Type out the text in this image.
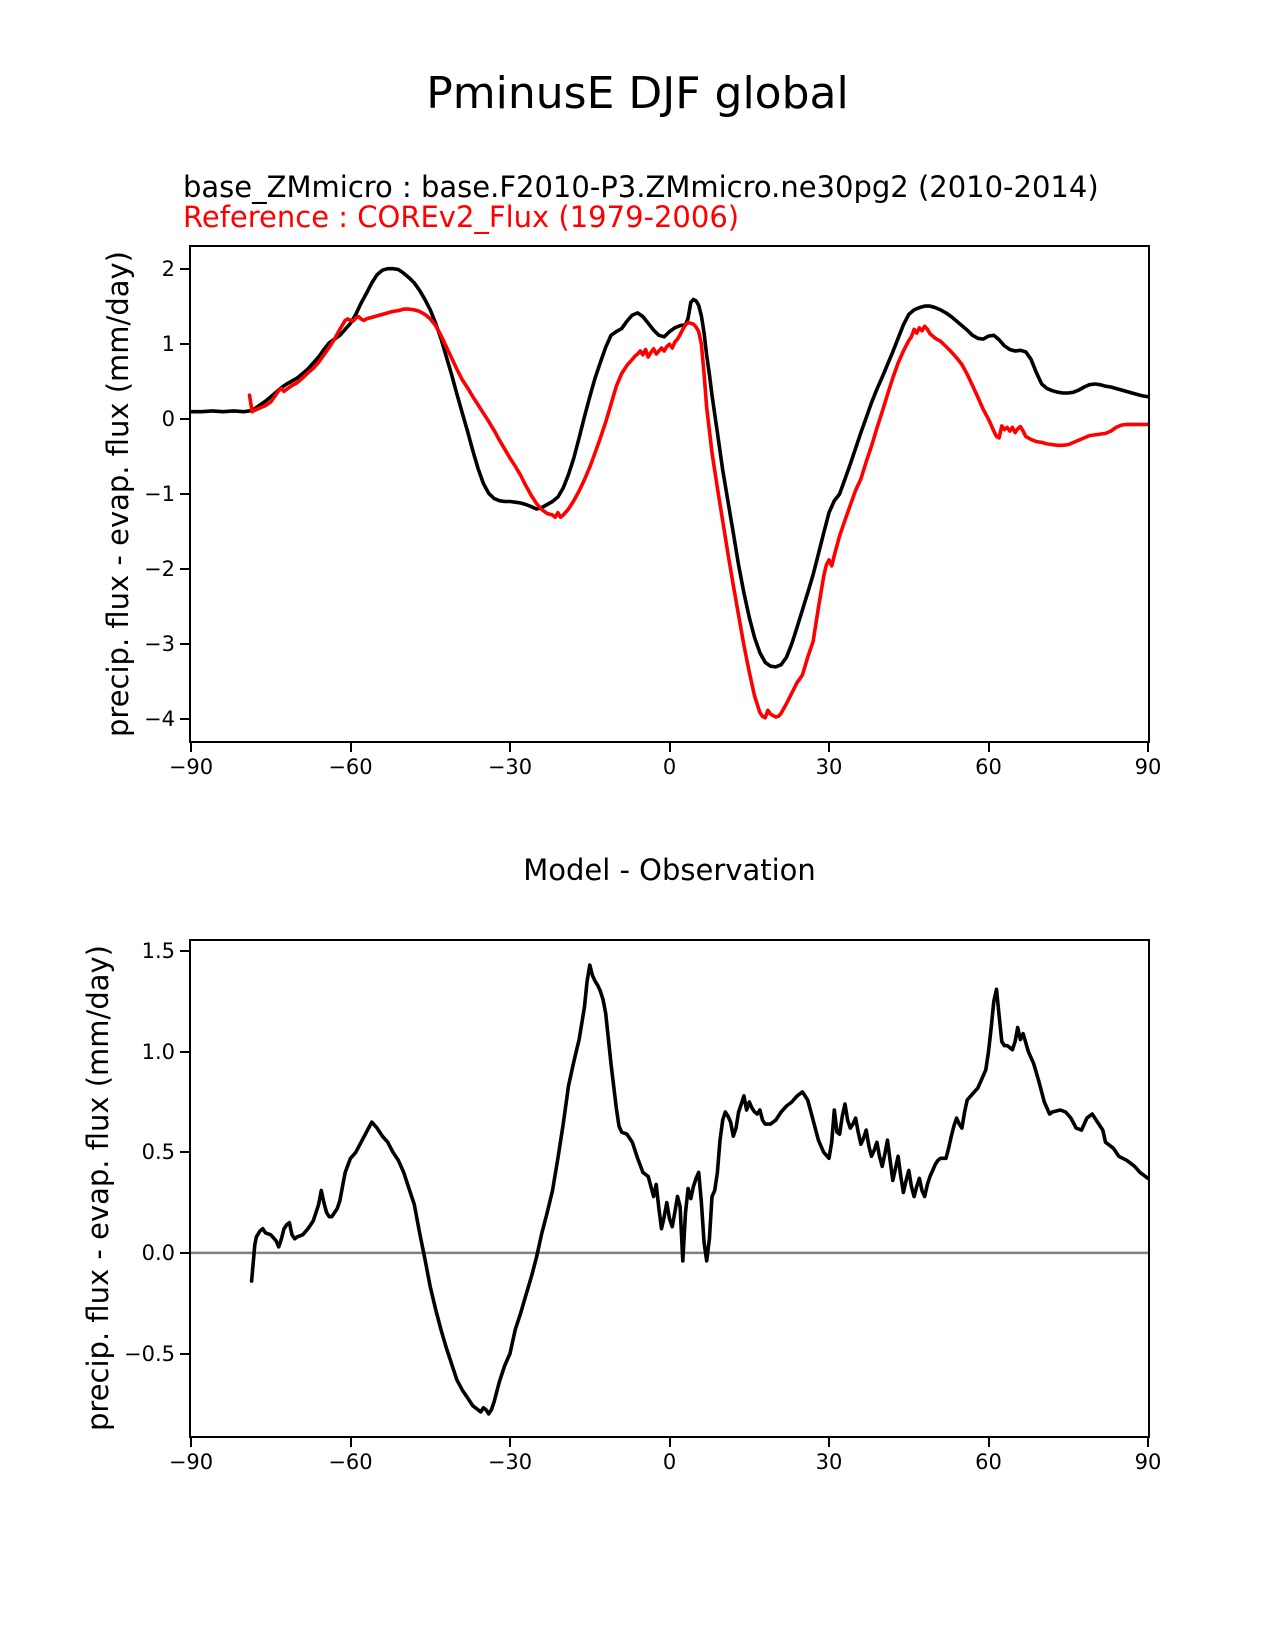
PminusE DJF global
base_ZMmicro : base.F2010-P3.ZMmicro.ne30pg2 (2010-2014)
Reference : COREv2_Flux (1979-2006)
precip. flux - evap. flux (mm/day)
Model - Observation
precip. flux - evap. flux (mm/day)
−90	−60	−30	0	30	60	90
2
1
0
−1
−2
−3
−4
−90	−60	−30	0	30	60	90
1.5
1.0
0.5
0.0
−0.5
